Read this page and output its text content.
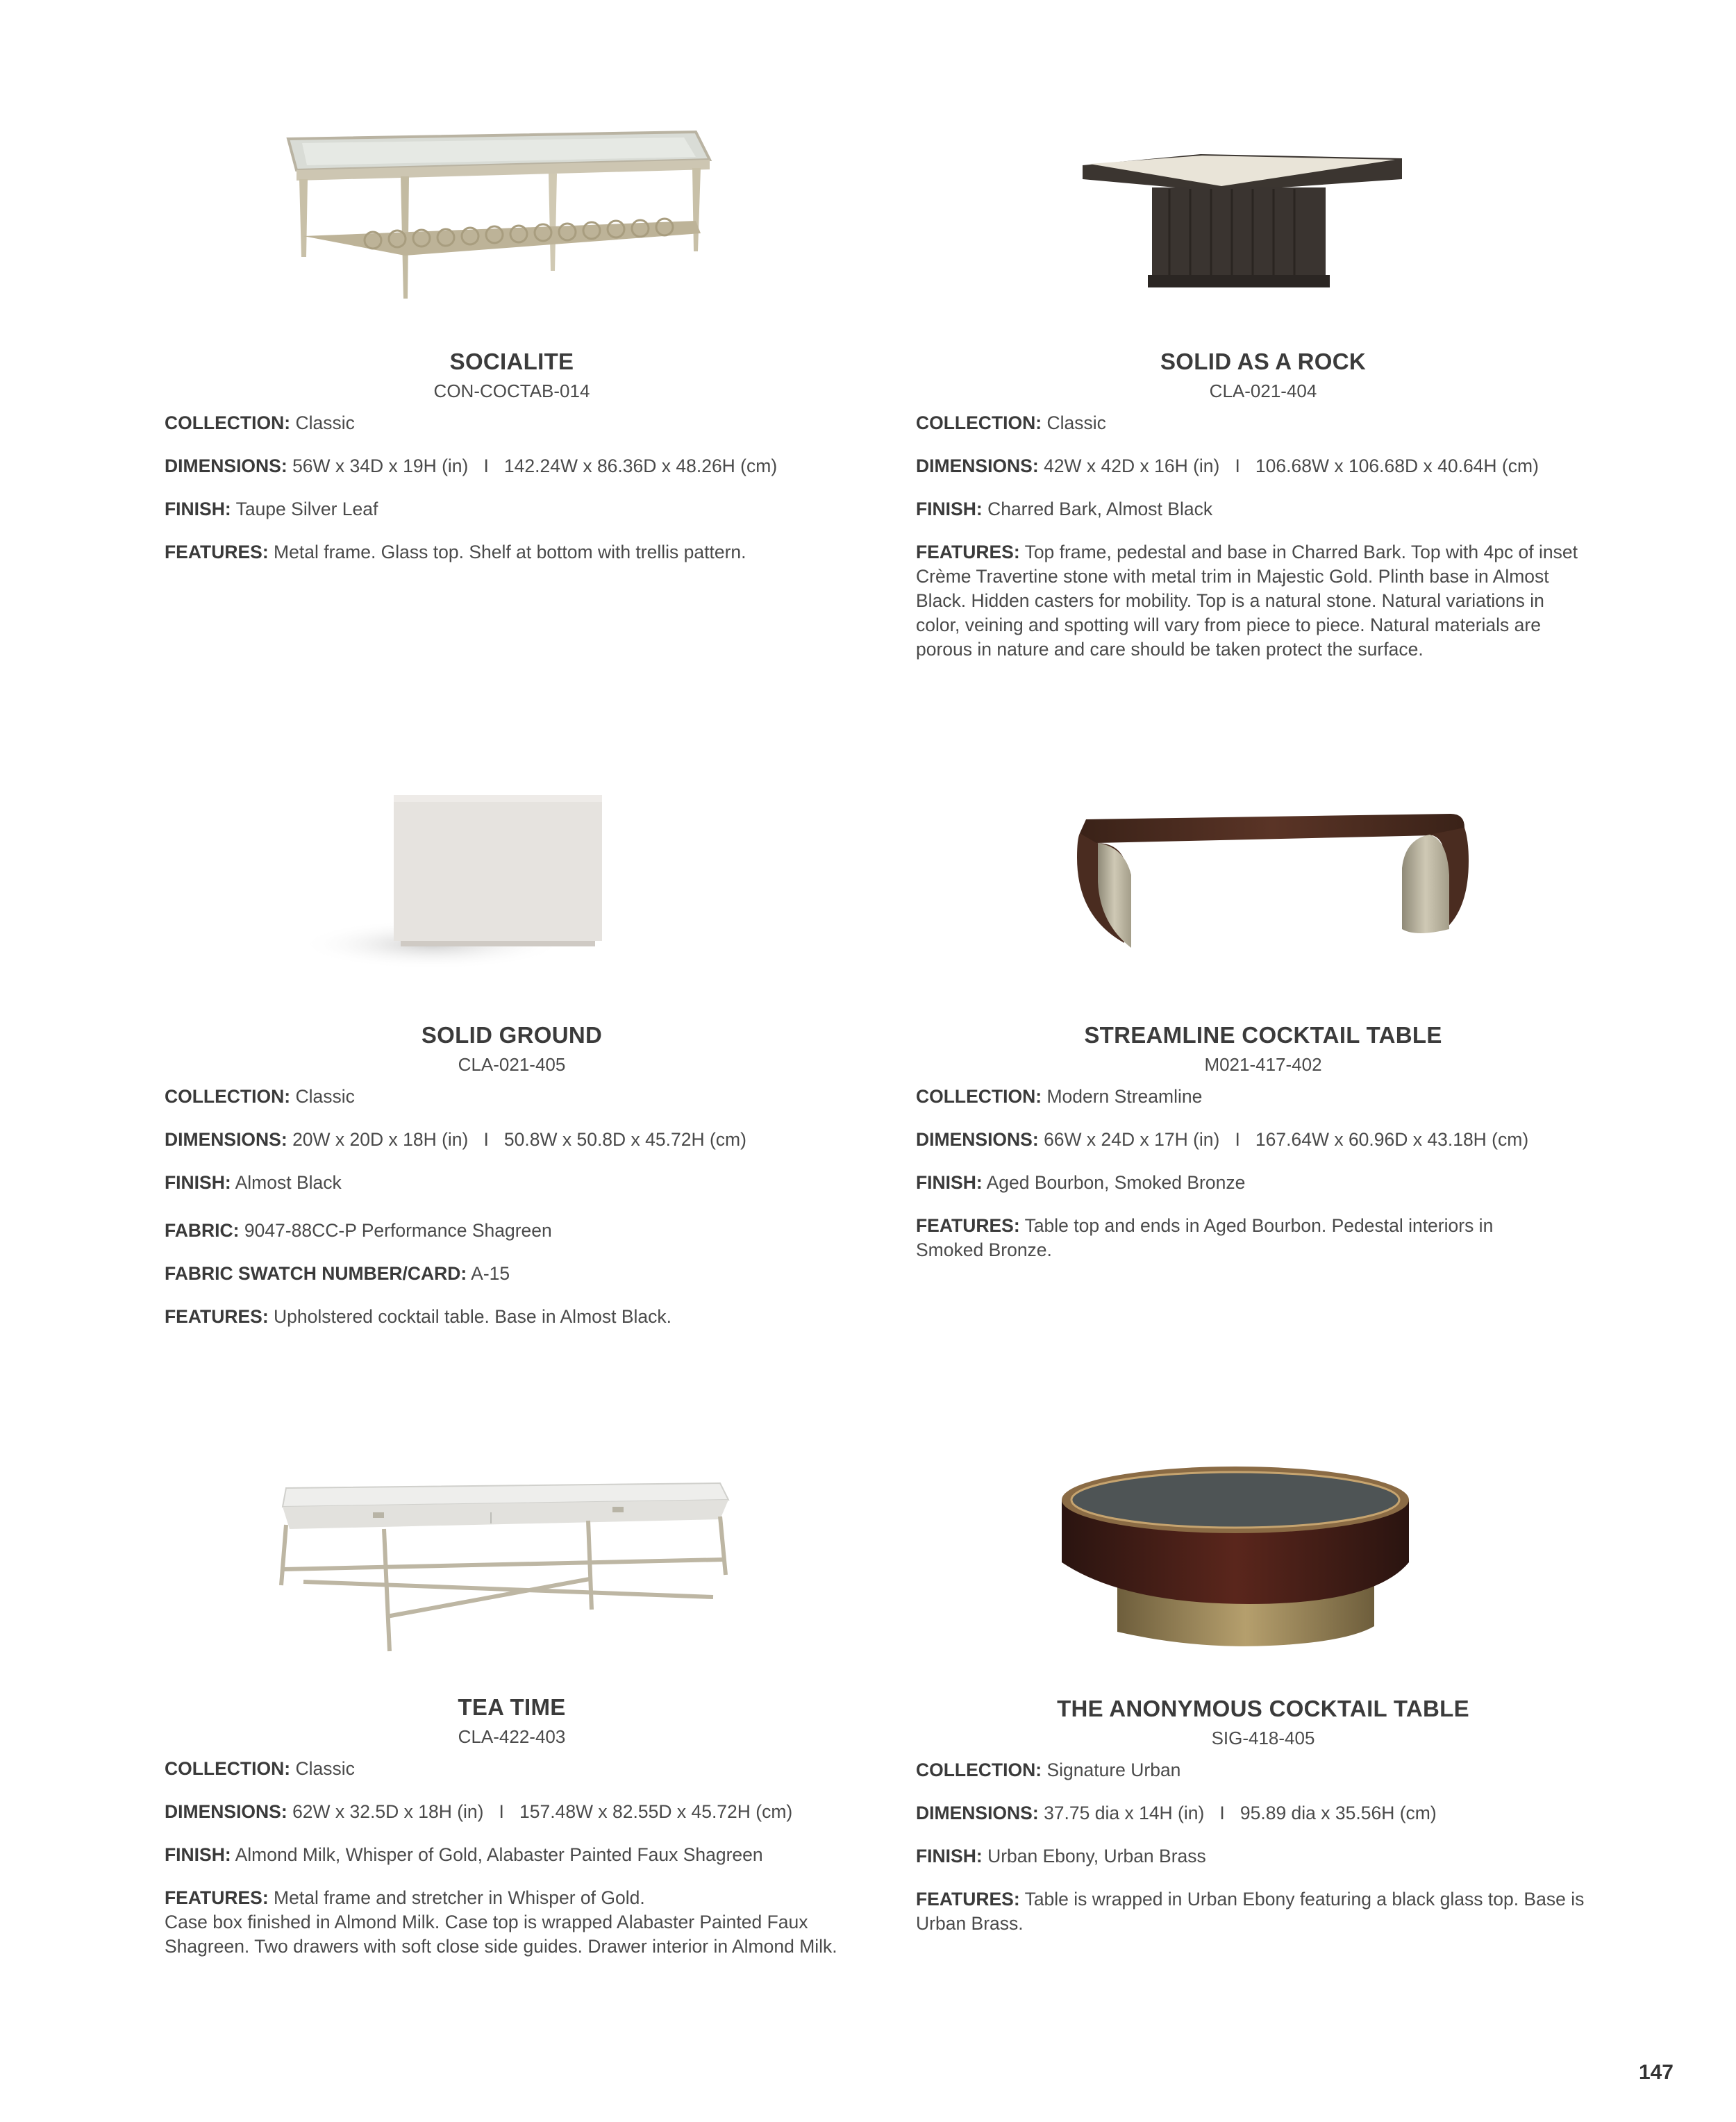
SOCIALITE
CON-COCTAB-014
COLLECTION: Classic
DIMENSIONS: 56W x 34D x 19H (in)   I   142.24W x 86.36D x 48.26H (cm)
FINISH: Taupe Silver Leaf
FEATURES: Metal frame. Glass top. Shelf at bottom with trellis pattern.
SOLID AS A ROCK
CLA-021-404
COLLECTION: Classic
DIMENSIONS: 42W x 42D x 16H (in)   I   106.68W x 106.68D x 40.64H (cm)
FINISH: Charred Bark, Almost Black
FEATURES: Top frame, pedestal and base in Charred Bark. Top with 4pc of inset Crème Travertine stone with metal trim in Majestic Gold. Plinth base in Almost Black. Hidden casters for mobility. Top is a natural stone. Natural variations in color, veining and spotting will vary from piece to piece. Natural materials are porous in nature and care should be taken protect the surface.
SOLID GROUND
CLA-021-405
COLLECTION: Classic
DIMENSIONS: 20W x 20D x 18H (in)   I   50.8W x 50.8D x 45.72H (cm)
FINISH: Almost Black
FABRIC: 9047-88CC-P Performance Shagreen
FABRIC SWATCH NUMBER/CARD: A-15
FEATURES: Upholstered cocktail table. Base in Almost Black.
STREAMLINE COCKTAIL TABLE
M021-417-402
COLLECTION: Modern Streamline
DIMENSIONS: 66W x 24D x 17H (in)   I   167.64W x 60.96D x 43.18H (cm)
FINISH: Aged Bourbon, Smoked Bronze
FEATURES: Table top and ends in Aged Bourbon. Pedestal interiors in Smoked Bronze.
TEA TIME
CLA-422-403
COLLECTION: Classic
DIMENSIONS: 62W x 32.5D x 18H (in)   I   157.48W x 82.55D x 45.72H (cm)
FINISH: Almond Milk, Whisper of Gold, Alabaster Painted Faux Shagreen
FEATURES: Metal frame and stretcher in Whisper of Gold.
Case box finished in Almond Milk. Case top is wrapped Alabaster Painted Faux Shagreen. Two drawers with soft close side guides. Drawer interior in Almond Milk.
THE ANONYMOUS COCKTAIL TABLE
SIG-418-405
COLLECTION: Signature Urban
DIMENSIONS: 37.75 dia x 14H (in)   I   95.89 dia x 35.56H (cm)
FINISH: Urban Ebony, Urban Brass
FEATURES: Table is wrapped in Urban Ebony featuring a black glass top. Base is Urban Brass.
147
